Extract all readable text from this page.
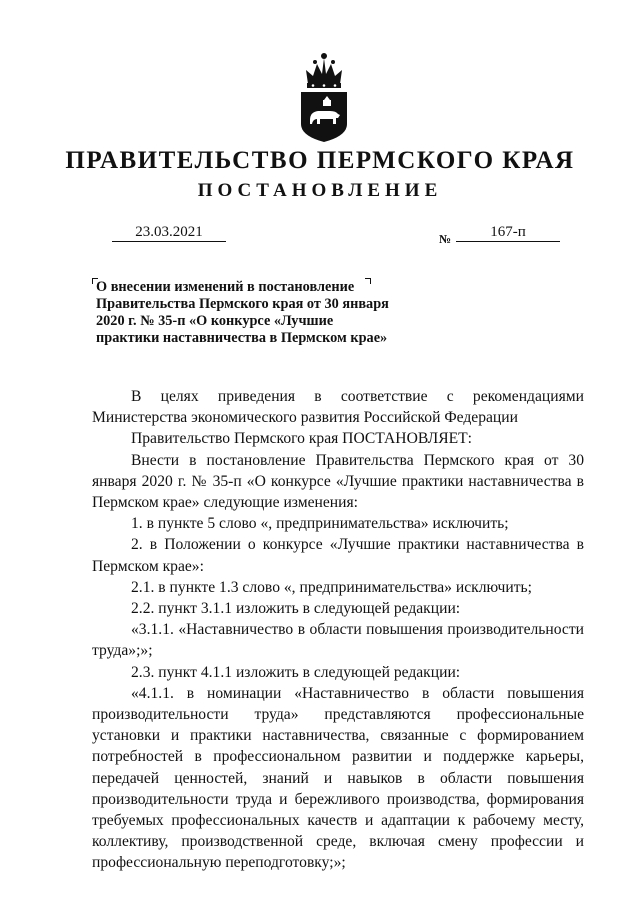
ПРАВИТЕЛЬСТВО ПЕРМСКОГО КРАЯ
ПОСТАНОВЛЕНИЕ
23.03.2021	№	167-п
О внесении изменений в постановление
Правительства Пермского края от 30 января
2020 г. № 35-п «О конкурсе «Лучшие
практики наставничества в Пермском крае»

В целях приведения в соответствие с рекомендациями Министерства экономического развития Российской Федерации

Правительство Пермского края ПОСТАНОВЛЯЕТ:

Внести в постановление Правительства Пермского края от 30 января 2020 г. № 35-п «О конкурсе «Лучшие практики наставничества в Пермском крае» следующие изменения:

1. в пункте 5 слово «, предпринимательства» исключить;

2. в Положении о конкурсе «Лучшие практики наставничества в Пермском крае»:

2.1. в пункте 1.3 слово «, предпринимательства» исключить;

2.2. пункт 3.1.1 изложить в следующей редакции:

«3.1.1. «Наставничество в области повышения производительности труда»;»;

2.3. пункт 4.1.1 изложить в следующей редакции:

«4.1.1. в номинации «Наставничество в области повышения производительности труда» представляются профессиональные установки и практики наставничества, связанные с формированием потребностей в профессиональном развитии и поддержке карьеры, передачей ценностей, знаний и навыков в области повышения производительности труда и бережливого производства, формирования требуемых профессиональных качеств и адаптации к рабочему месту, коллективу, производственной среде, включая смену профессии и профессиональную переподготовку;»;
